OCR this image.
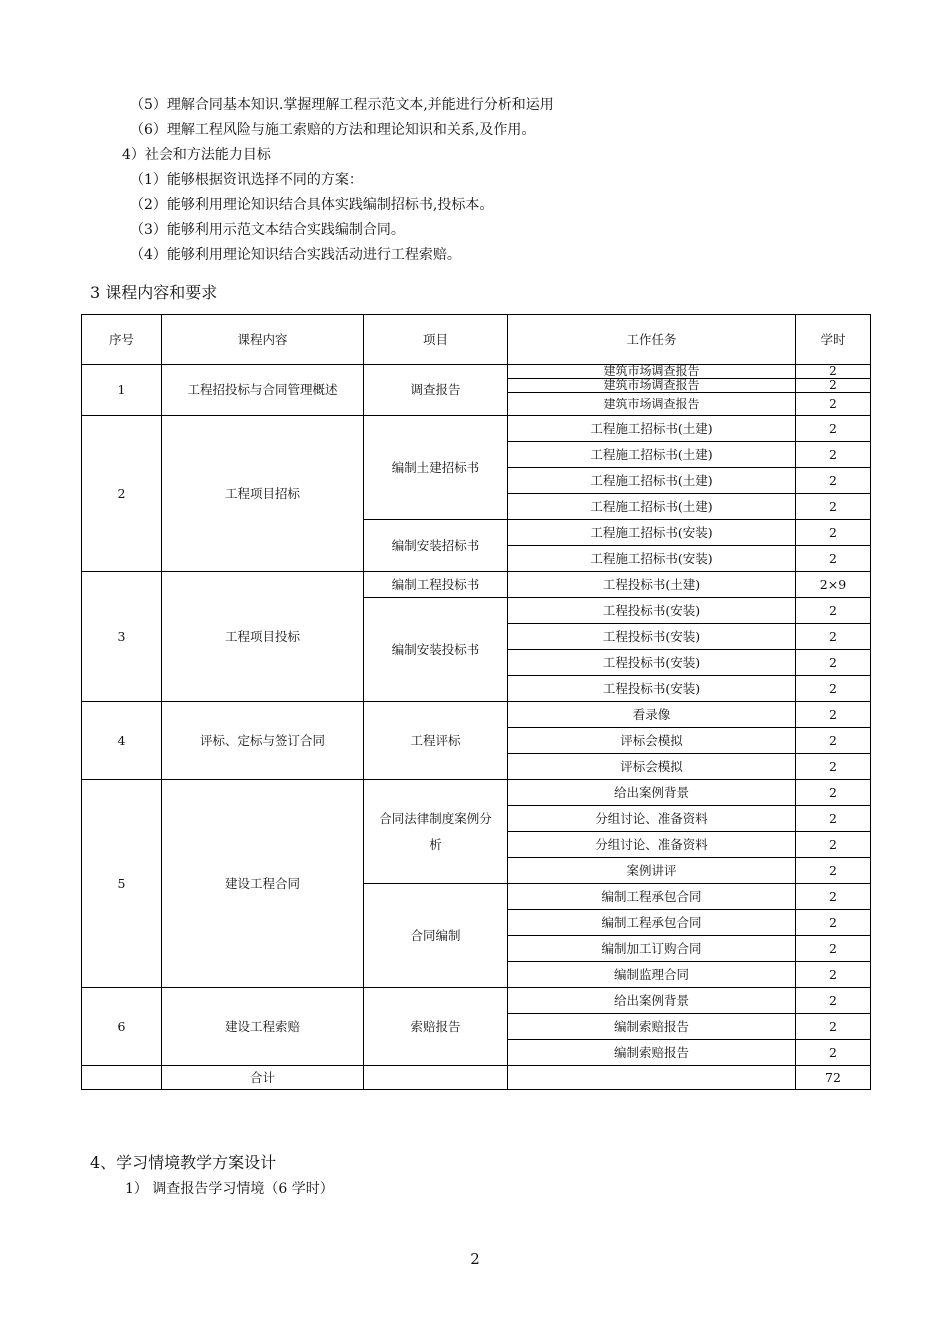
（5）理解合同基本知识.掌握理解工程示范文本,并能进行分析和运用
（6）理解工程风险与施工索赔的方法和理论知识和关系,及作用。
4）社会和方法能力目标
（1）能够根据资讯选择不同的方案：
（2）能够利用理论知识结合具体实践编制招标书,投标本。
（3）能够利用示范文本结合实践编制合同。
（4）能够利用理论知识结合实践活动进行工程索赔。
3 课程内容和要求
序号	课程内容	项目	工作任务	学时
1	工程招投标与合同管理概述	调查报告	建筑市场调查报告	2
			建筑市场调查报告	2
			建筑市场调查报告	2
2	工程项目招标	编制土建招标书	工程施工招标书(土建)	2
			工程施工招标书(土建)	2
			工程施工招标书(土建)	2
			工程施工招标书(土建)	2
		编制安装招标书	工程施工招标书(安装)	2
			工程施工招标书(安装)	2
3	工程项目投标	编制工程投标书	工程投标书(土建)	2×9
		编制安装投标书	工程投标书(安装)	2
			工程投标书(安装)	2
			工程投标书(安装)	2
			工程投标书(安装)	2
4	评标、定标与签订合同	工程评标	看录像	2
			评标会模拟	2
			评标会模拟	2
5	建设工程合同	合同法律制度案例分析	给出案例背景	2
			分组讨论、准备资料	2
			分组讨论、准备资料	2
			案例讲评	2
		合同编制	编制工程承包合同	2
			编制工程承包合同	2
			编制加工订购合同	2
			编制监理合同	2
6	建设工程索赔	索赔报告	给出案例背景	2
			编制索赔报告	2
			编制索赔报告	2
	合计			72
4、学习情境教学方案设计
1） 调查报告学习情境（6 学时）
2
